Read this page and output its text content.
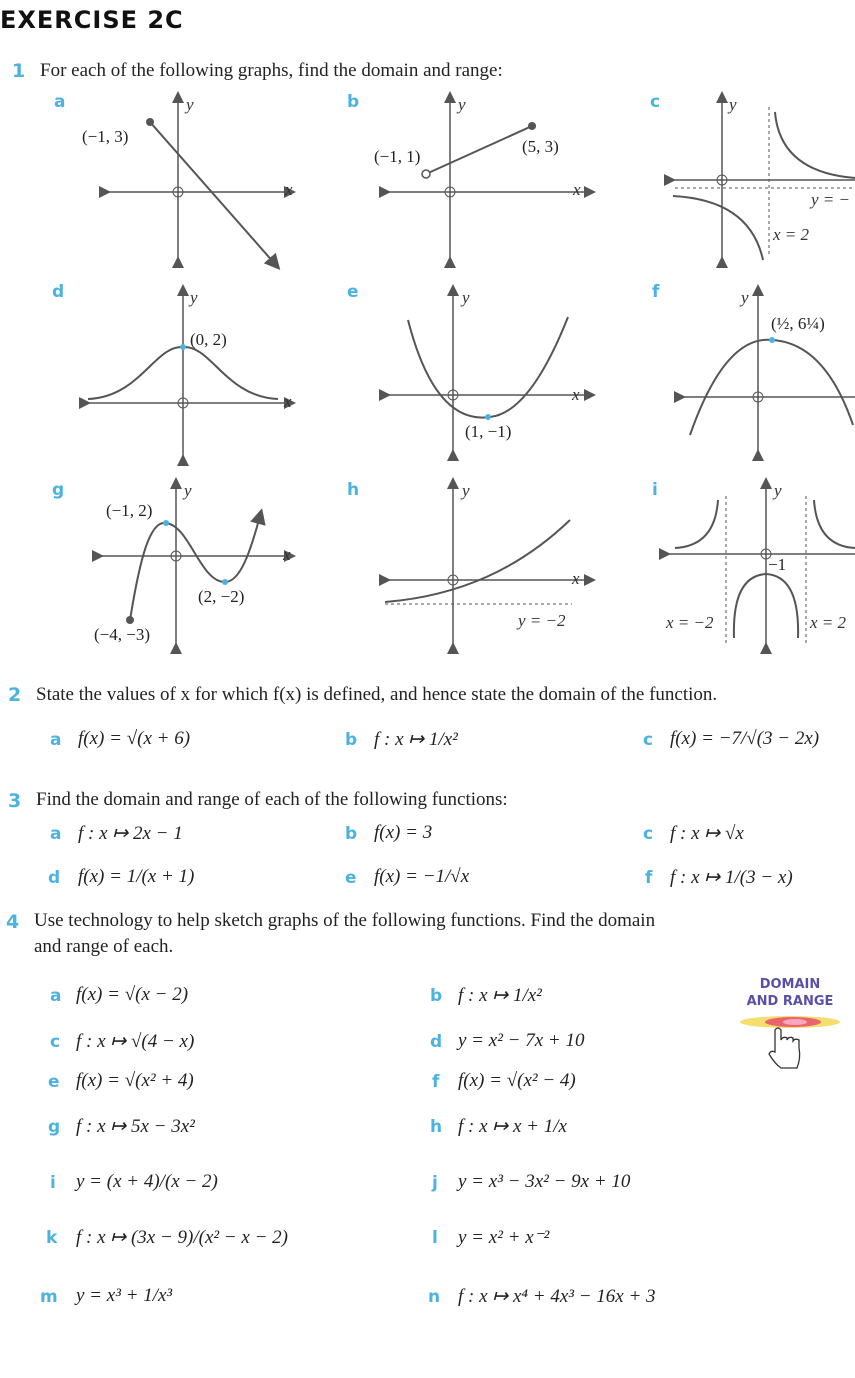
EXERCISE 2C
1 For each of the following graphs, find the domain and range:
a
(−1, 3)
x
y	b
(−1, 1)
(5, 3)
x
y	c
y = −
x = 2
y
d
(0, 2)
x
y	e
(1, −1)
x
y	f
(½, 6¼)
y
g
(−1, 2)
(2, −2)
(−4, −3)
x
y	h
y = −2
x
y	i
−1
x = −2	x = 2
y
2 State the values of x for which f(x) is defined, and hence state the domain of the function.
a f(x) = √(x + 6)	b f : x ↦ 1/x²	c f(x) = −7/√(3 − 2x)
3 Find the domain and range of each of the following functions:
a f : x ↦ 2x − 1	b f(x) = 3	c f : x ↦ √x
d f(x) = 1/(x + 1)	e f(x) = −1/√x	f f : x ↦ 1/(3 − x)
4 Use technology to help sketch graphs of the following functions. Find the domain
and range of each.
a f(x) = √(x − 2)	b f : x ↦ 1/x²
c f : x ↦ √(4 − x)	d y = x² − 7x + 10
e f(x) = √(x² + 4)	f f(x) = √(x² − 4)
g f : x ↦ 5x − 3x²	h f : x ↦ x + 1/x
i y = (x + 4)/(x − 2)	j y = x³ − 3x² − 9x + 10
k f : x ↦ (3x − 9)/(x² − x − 2)	l y = x² + x⁻²
m y = x³ + 1/x³	n f : x ↦ x⁴ + 4x³ − 16x + 3
DOMAIN
AND RANGE
